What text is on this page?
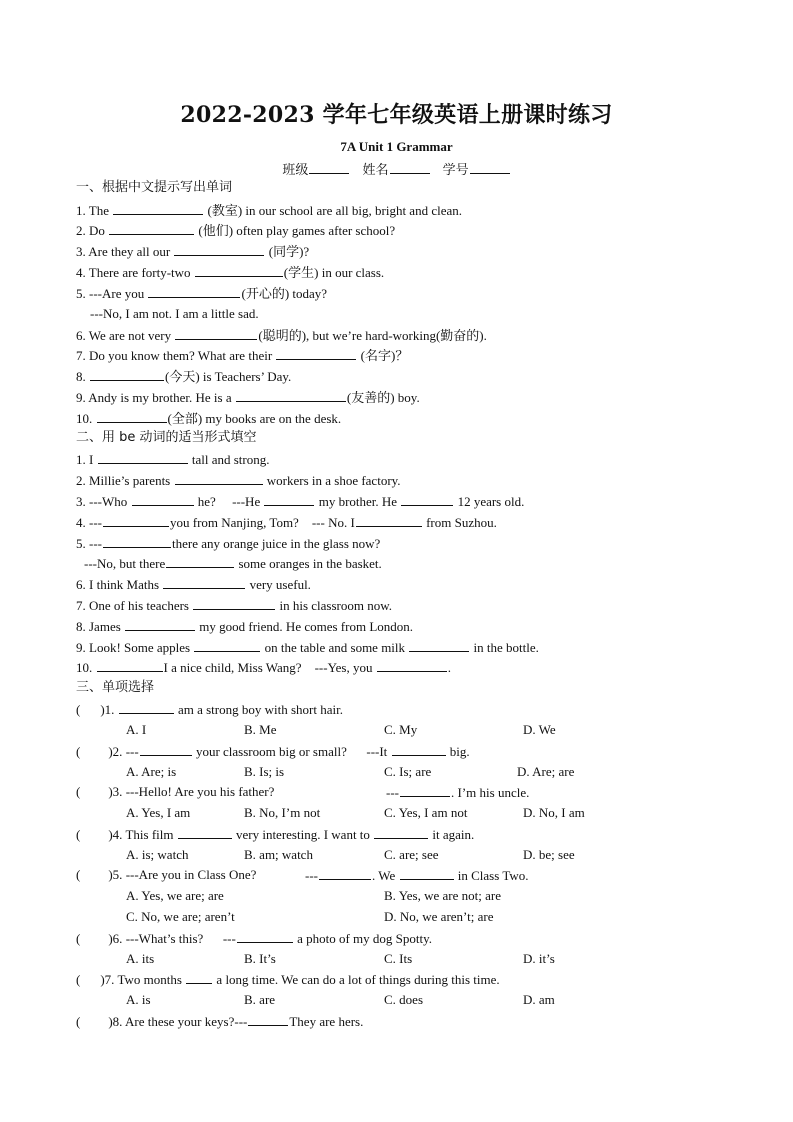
2022-2023 学年七年级英语上册课时练习
7A Unit 1 Grammar
班级	姓名	学号
一、根据中文提示写出单词
1. The	(教室) in our school are all big, bright and clean.
2. Do	(他们) often play games after school?
3. Are they all our	(同学)?
4. There are forty-two	(学生) in our class.
5. ---Are you	(开心的) today?
---No, I am not. I am a little sad.
6. We are not very	(聪明的), but we’re hard-working(勤奋的).
7. Do you know them? What are their	(名字)？
8.	(今天) is Teachers’ Day.
9. Andy is my brother. He is a	(友善的) boy.
10.	(全部) my books are on the desk.
二、用 be 动词的适当形式填空
1. I	tall and strong.
2. Millie’s parents	workers in a shoe factory.
3. ---Who	he? ---He	my brother. He	12 years old.
4. ---	you from Nanjing, Tom? --- No. I	from Suzhou.
5. ---	there any orange juice in the glass now?
---No, but there	some oranges in the basket.
6. I think Maths	very useful.
7. One of his teachers	in his classroom now.
8. James	my good friend. He comes from London.
9. Look! Some apples	on the table and some milk	in the bottle.
10.	I a nice child, Miss Wang? ---Yes, you	.
三、单项选择
( )1.	am a strong boy with short hair.
A. I	B. Me	C. My	D. We
( )2. ---	your classroom big or small? ---It	big.
A. Are; is	B. Is; is	C. Is; are	D. Are; are
( )3. ---Hello! Are you his father?	---	. I’m his uncle.
A. Yes, I am	B. No, I’m not	C. Yes, I am not	D. No, I am
( )4. This film	very interesting. I want to	it again.
A. is; watch	B. am; watch	C. are; see	D. be; see
( )5. ---Are you in Class One?	---	. We	in Class Two.
A. Yes, we are; are	B. Yes, we are not; are
C. No, we are; aren’t	D. No, we aren’t; are
( )6. ---What’s this? ---	a photo of my dog Spotty.
A. its	B. It’s	C. Its	D. it’s
( )7. Two months	a long time. We can do a lot of things during this time.
A. is	B. are	C. does	D. am
( )8. Are these your keys?---	They are hers.
